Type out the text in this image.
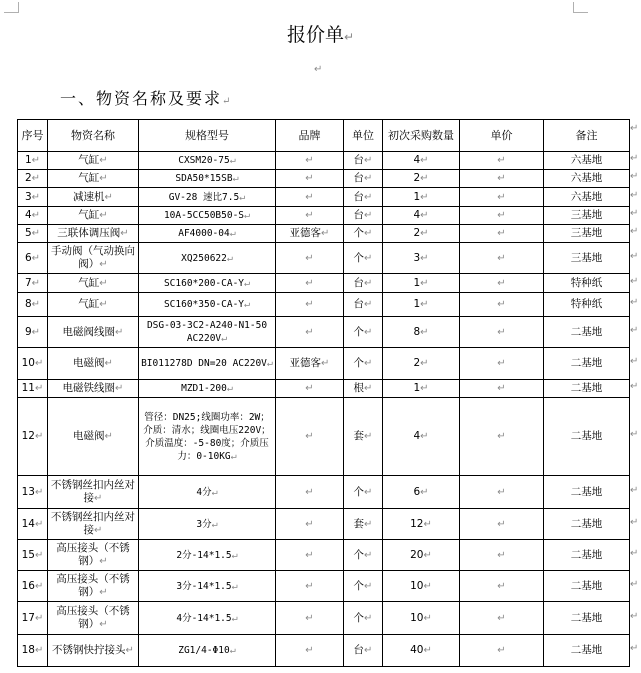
报价单↵
↵
一、物资名称及要求↵
序号	物资名称	规格型号	品牌	单位	初次采购数量	单价	备注
1↵	气缸↵	CXSM20-75↵	↵	台↵	4↵	↵	六基地
2↵	气缸↵	SDA50*15SB↵	↵	台↵	2↵	↵	六基地
3↵	减速机↵	GV-28 速比7.5↵	↵	台↵	1↵	↵	六基地
4↵	气缸↵	10A-5CC50B50-S↵	↵	台↵	4↵	↵	三基地
5↵	三联体调压阀↵	AF4000-04↵	亚德客↵	个↵	2↵	↵	三基地
6↵	手动阀（气动换向阀）↵	XQ250622↵	↵	个↵	3↵	↵	三基地
7↵	气缸↵	SC160*200-CA-Y↵	↵	台↵	1↵	↵	特种纸
8↵	气缸↵	SC160*350-CA-Y↵	↵	台↵	1↵	↵	特种纸
9↵	电磁阀线圈↵	DSG-03-3C2-A240-N1-50 AC220V↵	↵	个↵	8↵	↵	二基地
10↵	电磁阀↵	BI011278D DN=20 AC220V↵	亚德客↵	个↵	2↵	↵	二基地
11↵	电磁铁线圈↵	MZD1-200↵	↵	根↵	1↵	↵	二基地
12↵	电磁阀↵	管径：DN25;线圈功率：2W；介质：清水；线圈电压220V；介质温度：-5-80度；介质压力：0-10KG↵	↵	套↵	4↵	↵	二基地
13↵	不锈钢丝扣内丝对接↵	4分↵	↵	个↵	6↵	↵	二基地
14↵	不锈钢丝扣内丝对接↵	3分↵	↵	套↵	12↵	↵	二基地
15↵	高压接头（不锈钢）↵	2分-14*1.5↵	↵	个↵	20↵	↵	二基地
16↵	高压接头（不锈钢）↵	3分-14*1.5↵	↵	个↵	10↵	↵	二基地
17↵	高压接头（不锈钢）↵	4分-14*1.5↵	↵	个↵	10↵	↵	二基地
18↵	不锈钢快拧接头↵	ZG1/4-Φ10↵	↵	台↵	40↵	↵	二基地
↵
↵
↵
↵
↵
↵
↵
↵
↵
↵
↵
↵
↵
↵
↵
↵
↵
↵
↵
